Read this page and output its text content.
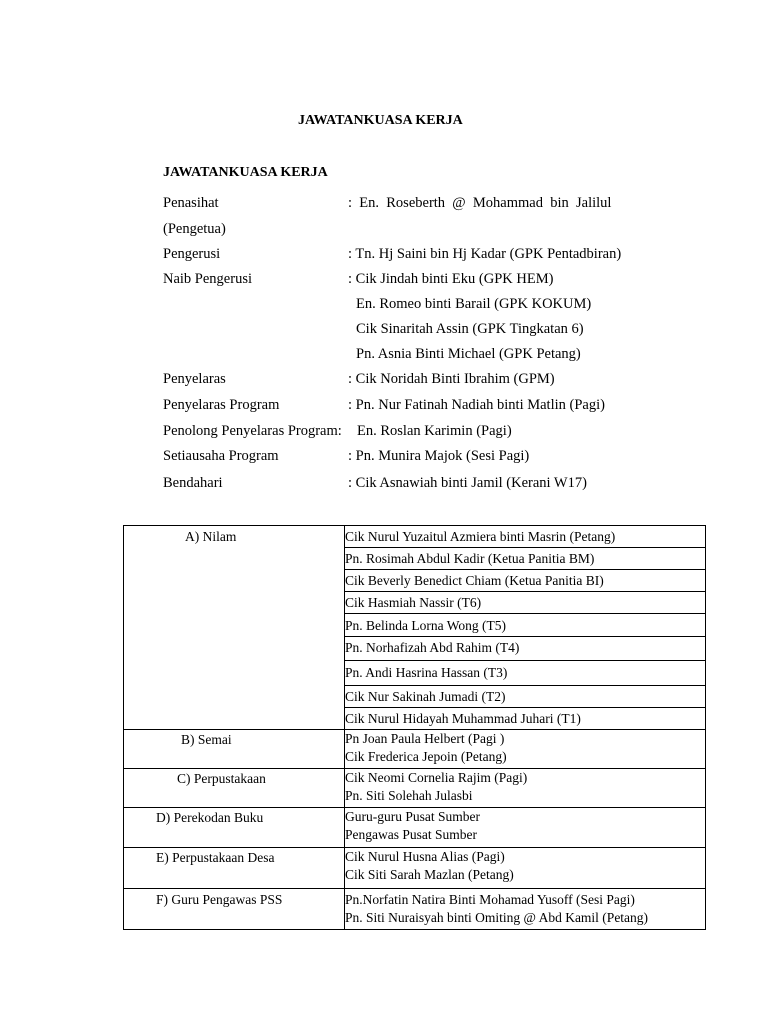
JAWATANKUASA KERJA
JAWATANKUASA KERJA
Penasihat	:  En.  Roseberth  @  Mohammad  bin  Jalilul
(Pengetua)
Pengerusi	: Tn. Hj Saini bin Hj Kadar (GPK Pentadbiran)
Naib Pengerusi	: Cik Jindah binti Eku (GPK HEM)
En. Romeo binti Barail (GPK KOKUM)
Cik Sinaritah Assin (GPK Tingkatan 6)
Pn. Asnia Binti Michael (GPK Petang)
Penyelaras	: Cik Noridah Binti Ibrahim (GPM)
Penyelaras Program	: Pn. Nur Fatinah Nadiah binti Matlin (Pagi)
Penolong Penyelaras Program: En. Roslan Karimin (Pagi)
Setiausaha Program	: Pn. Munira Majok (Sesi Pagi)
Bendahari	: Cik Asnawiah binti Jamil (Kerani W17)
A) Nilam	Cik Nurul Yuzaitul Azmiera binti Masrin (Petang)

	Pn. Rosimah Abdul Kadir (Ketua Panitia BM)

	Cik Beverly Benedict Chiam (Ketua Panitia BI)

	Cik Hasmiah Nassir (T6)

	Pn. Belinda Lorna Wong (T5)

	Pn. Norhafizah Abd Rahim (T4)

	Pn. Andi Hasrina Hassan (T3)

	Cik Nur Sakinah Jumadi (T2)

	Cik Nurul Hidayah Muhammad Juhari (T1)

B) Semai	Pn Joan Paula Helbert (Pagi )
Cik Frederica Jepoin (Petang)

C) Perpustakaan	Cik Neomi Cornelia Rajim (Pagi)
Pn. Siti Solehah Julasbi

D) Perekodan Buku	Guru-guru Pusat Sumber
Pengawas Pusat Sumber

E) Perpustakaan Desa	Cik Nurul Husna Alias (Pagi)
Cik Siti Sarah Mazlan (Petang)

F) Guru Pengawas PSS	Pn.Norfatin Natira Binti Mohamad Yusoff (Sesi Pagi)
Pn. Siti Nuraisyah binti Omiting @ Abd Kamil (Petang)
